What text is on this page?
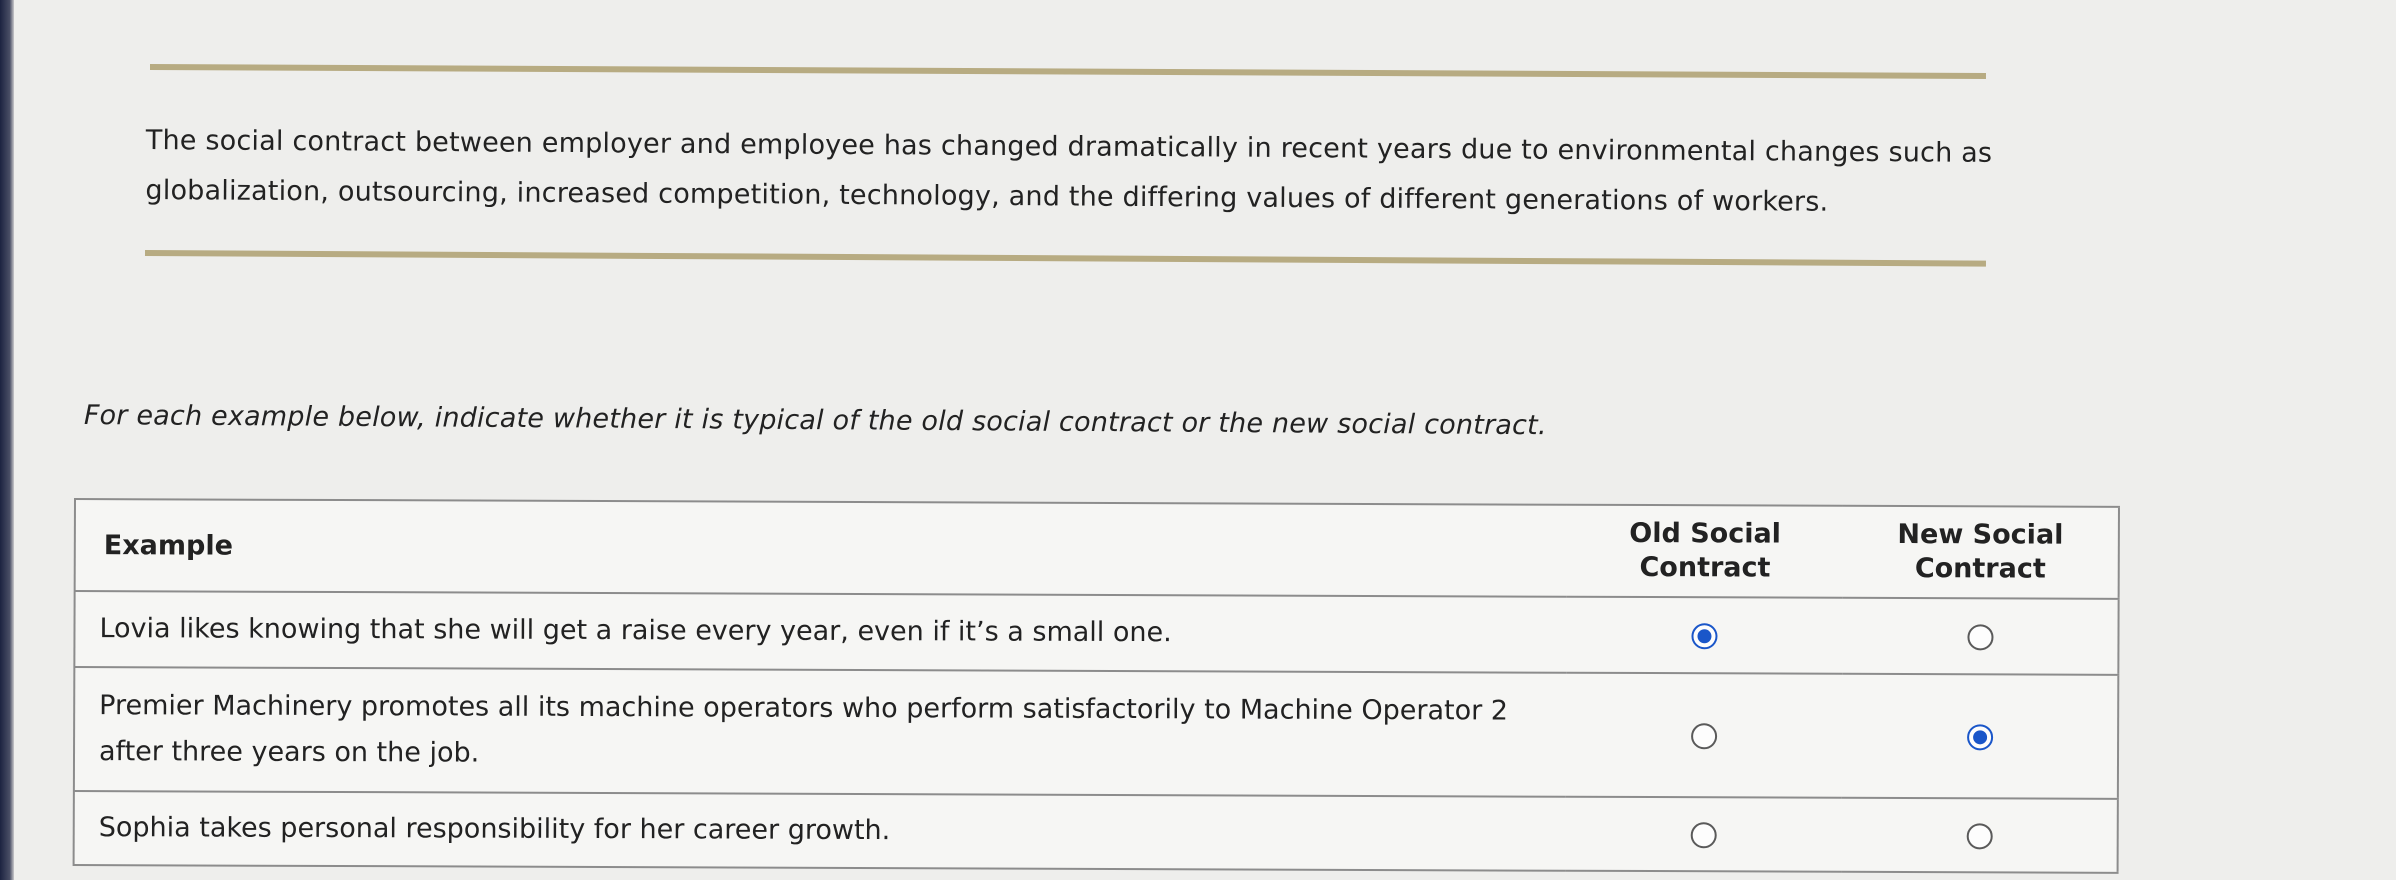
The social contract between employer and employee has changed dramatically in recent years due to environmental changes such as globalization, outsourcing, increased competition, technology, and the differing values of different generations of workers.
For each example below, indicate whether it is typical of the old social contract or the new social contract.
Example	Old Social Contract	New Social Contract
Lovia likes knowing that she will get a raise every year, even if it’s a small one.		
Premier Machinery promotes all its machine operators who perform satisfactorily to Machine Operator 2 after three years on the job.		
Sophia takes personal responsibility for her career growth.		
